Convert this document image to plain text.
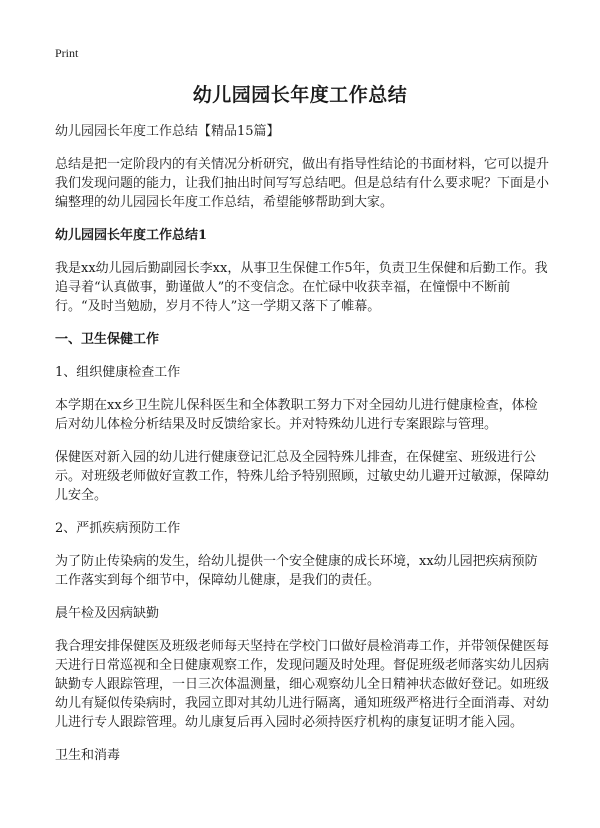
Print
幼儿园园长年度工作总结

幼儿园园长年度工作总结【精品15篇】

总结是把一定阶段内的有关情况分析研究，做出有指导性结论的书面材料，它可以提升我们发现问题的能力，让我们抽出时间写写总结吧。但是总结有什么要求呢？下面是小编整理的幼儿园园长年度工作总结，希望能够帮助到大家。

幼儿园园长年度工作总结1

我是xx幼儿园后勤副园长李xx，从事卫生保健工作5年，负责卫生保健和后勤工作。我追寻着“认真做事，勤谨做人”的不变信念。在忙碌中收获幸福，在憧憬中不断前行。“及时当勉励，岁月不待人”这一学期又落下了帷幕。

一、卫生保健工作

1、组织健康检查工作

本学期在xx乡卫生院儿保科医生和全体教职工努力下对全园幼儿进行健康检查，体检后对幼儿体检分析结果及时反馈给家长。并对特殊幼儿进行专案跟踪与管理。

保健医对新入园的幼儿进行健康登记汇总及全园特殊儿排查，在保健室、班级进行公示。对班级老师做好宣教工作，特殊儿给予特别照顾，过敏史幼儿避开过敏源，保障幼儿安全。

2、严抓疾病预防工作

为了防止传染病的发生，给幼儿提供一个安全健康的成长环境，xx幼儿园把疾病预防工作落实到每个细节中，保障幼儿健康，是我们的责任。

晨午检及因病缺勤

我合理安排保健医及班级老师每天坚持在学校门口做好晨检消毒工作，并带领保健医每天进行日常巡视和全日健康观察工作，发现问题及时处理。督促班级老师落实幼儿因病缺勤专人跟踪管理，一日三次体温测量，细心观察幼儿全日精神状态做好登记。如班级幼儿有疑似传染病时，我园立即对其幼儿进行隔离，通知班级严格进行全面消毒、对幼儿进行专人跟踪管理。幼儿康复后再入园时必须持医疗机构的康复证明才能入园。

卫生和消毒
